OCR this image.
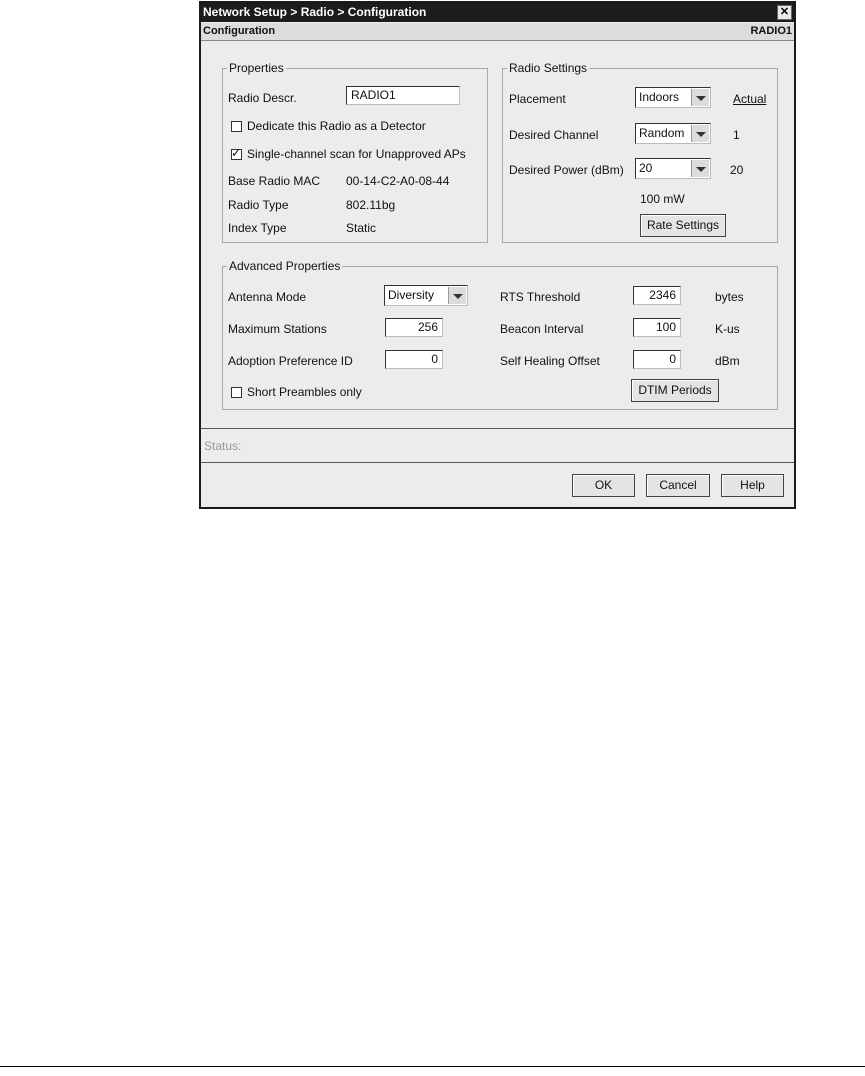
Network Setup > Radio > Configuration	✕
Configuration	RADIO1
Properties
Radio Descr.	RADIO1
Dedicate this Radio as a Detector
✓ Single-channel scan for Unapproved APs
Base Radio MAC 00-14-C2-A0-08-44
Radio Type	802.11bg
Index Type	Static
Radio Settings
Placement	Indoors	Actual
Desired Channel	Random	1
Desired Power (dBm)	20	20
100 mW
Rate Settings
Advanced Properties
Antenna Mode	Diversity
Maximum Stations	256
Adoption Preference ID	0
Short Preambles only
RTS Threshold	2346	bytes
Beacon Interval	100	K-us
Self Healing Offset	0	dBm
DTIM Periods
Status:
OK	Cancel	Help
